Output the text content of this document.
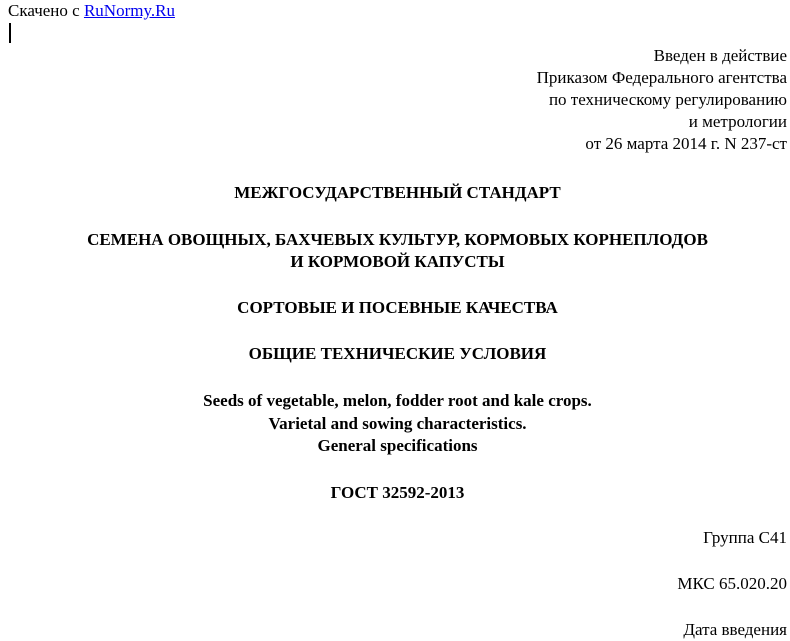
Скачено с RuNormy.Ru
Введен в действие
Приказом Федерального агентства
по техническому регулированию
и метрологии
от 26 марта 2014 г. N 237-ст
МЕЖГОСУДАРСТВЕННЫЙ СТАНДАРТ
СЕМЕНА ОВОЩНЫХ, БАХЧЕВЫХ КУЛЬТУР, КОРМОВЫХ КОРНЕПЛОДОВ
И КОРМОВОЙ КАПУСТЫ
СОРТОВЫЕ И ПОСЕВНЫЕ КАЧЕСТВА
ОБЩИЕ ТЕХНИЧЕСКИЕ УСЛОВИЯ
Seeds of vegetable, melon, fodder root and kale crops.
Varietal and sowing characteristics.
General specifications
ГОСТ 32592-2013
Группа С41
МКС 65.020.20
Дата введения
